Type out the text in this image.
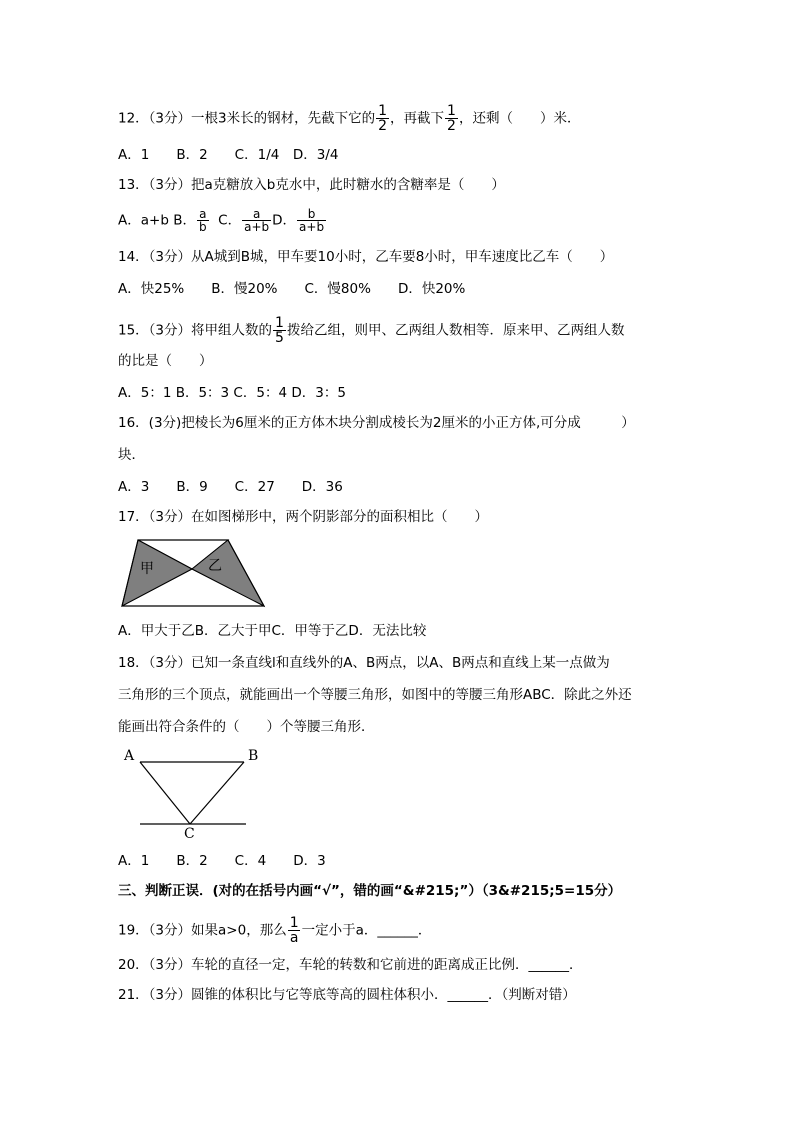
12．（3分）一根3米长的钢材，先截下它的 $\frac{1}{2}$ ，再截下 $\frac{1}{2}$ ，还剩（　　）米．
A．1　　B．2　　C．1/4　D．3/4
13．（3分）把a克糖放入b克水中，此时糖水的含糖率是（　　）
A．a+b B． $\frac{a}{b}$ C． $\frac{a}{a+b}$ D． $\frac{b}{a+b}$
14．（3分）从A城到B城，甲车要10小时，乙车要8小时，甲车速度比乙车（　　）
A．快25%　　B．慢20%　　C．慢80%　　D．快20%
15．（3分）将甲组人数的 $\frac{1}{5}$ 拨给乙组，则甲、乙两组人数相等．原来甲、乙两组人数
的比是（　　）
A．5：1 B．5：3 C．5：4 D．3：5
16．(3分)把棱长为6厘米的正方体木块分割成棱长为2厘米的小正方体,可分成　　　）
块．
A．3　　B．9　　C．27　　D．36
17．（3分）在如图梯形中，两个阴影部分的面积相比（　　）
甲	乙
A．甲大于乙B．乙大于甲C．甲等于乙D．无法比较
18．（3分）已知一条直线l和直线外的A、B两点，以A、B两点和直线上某一点做为
三角形的三个顶点，就能画出一个等腰三角形，如图中的等腰三角形ABC．除此之外还
能画出符合条件的（　　）个等腰三角形．
A	B
C
A．1　　B．2　　C．4　　D．3
三、判断正误．(对的在括号内画“√”，错的画“&#215;”）（3&#215;5=15分）
19．（3分）如果a>0，那么 $\frac{1}{a}$ 一定小于a．______．
20．（3分）车轮的直径一定，车轮的转数和它前进的距离成正比例．______．
21．（3分）圆锥的体积比与它等底等高的圆柱体积小．______．（判断对错）
